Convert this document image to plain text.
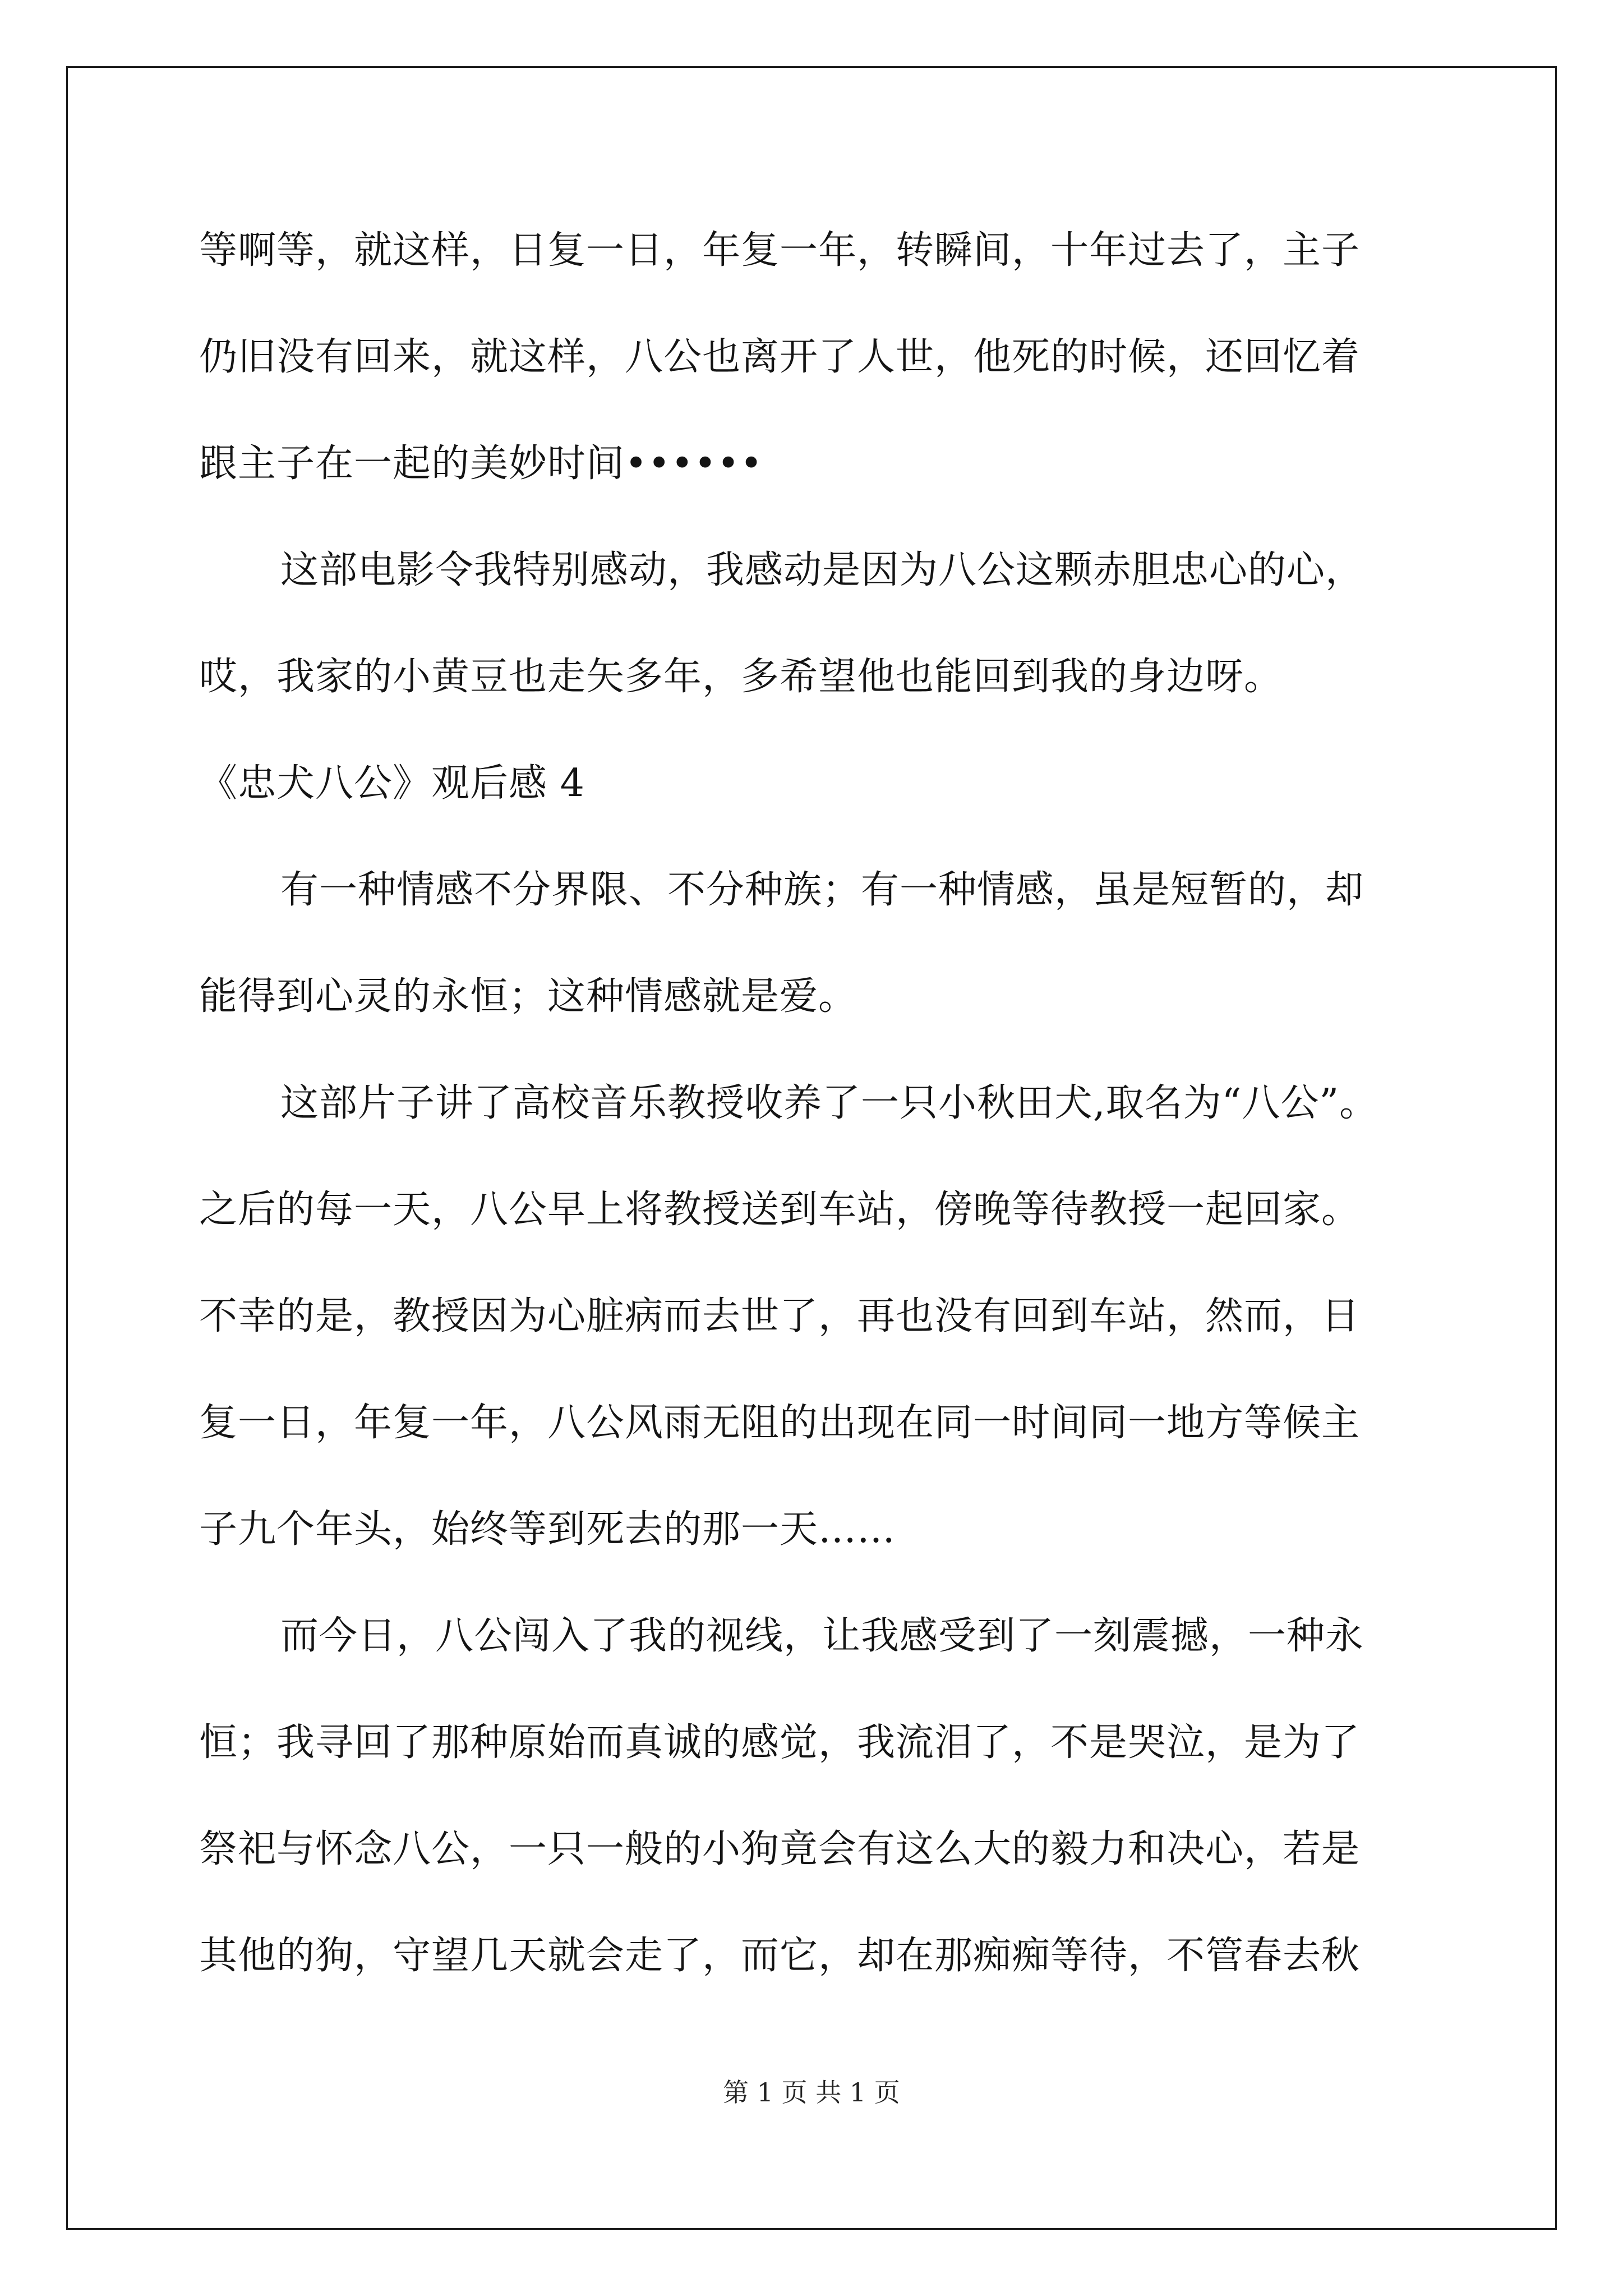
等啊等，就这样，日复一日，年复一年，转瞬间，十年过去了，主子
仍旧没有回来，就这样，八公也离开了人世，他死的时候，还回忆着
跟主子在一起的美妙时间••••••
这部电影令我特别感动，我感动是因为八公这颗赤胆忠心的心，
哎，我家的小黄豆也走矢多年，多希望他也能回到我的身边呀。
《忠犬八公》观后感 4
有一种情感不分界限、不分种族；有一种情感，虽是短暂的，却
能得到心灵的永恒；这种情感就是爱。
这部片子讲了高校音乐教授收养了一只小秋田犬,取名为“八公”。
之后的每一天，八公早上将教授送到车站，傍晚等待教授一起回家。
不幸的是，教授因为心脏病而去世了，再也没有回到车站，然而，日
复一日，年复一年，八公风雨无阻的出现在同一时间同一地方等候主
子九个年头，始终等到死去的那一天……
而今日，八公闯入了我的视线，让我感受到了一刻震撼，一种永
恒；我寻回了那种原始而真诚的感觉，我流泪了，不是哭泣，是为了
祭祀与怀念八公，一只一般的小狗竟会有这么大的毅力和决心，若是
其他的狗，守望几天就会走了，而它，却在那痴痴等待，不管春去秋
第 1 页 共 1 页
